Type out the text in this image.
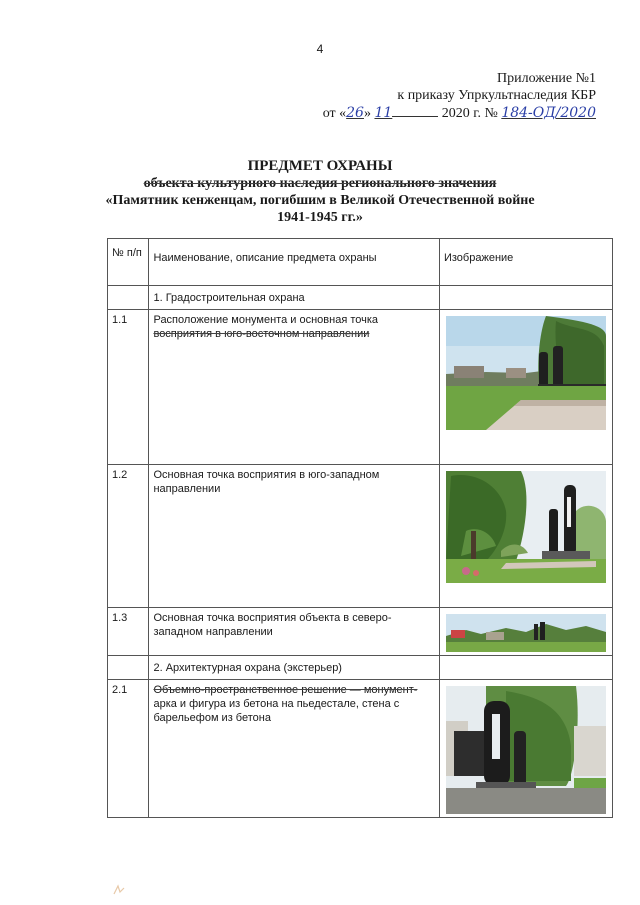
4
Приложение №1
к приказу Упркультнаследия КБР
от «26» 11	2020 г. № 184-ОД/2020
ПРЕДМЕТ ОХРАНЫ
объекта культурного наследия регионального значения
«Памятник кенженцам, погибшим в Великой Отечественной войне
1941-1945 гг.»
№ п/п	Наименование, описание предмета охраны	Изображение
	1. Градостроительная охрана	
1.1	Расположение монумента и основная точка
восприятия в юго-восточном направлении

1.2	Основная точка восприятия в юго-западном направлении	

1.3	Основная точка восприятия объекта в северо-западном направлении	

	2. Архитектурная охрана (экстерьер)	
2.1	Объемно-пространственное решение — монумент-
арка и фигура из бетона на пьедестале, стена с барельефом из бетона
